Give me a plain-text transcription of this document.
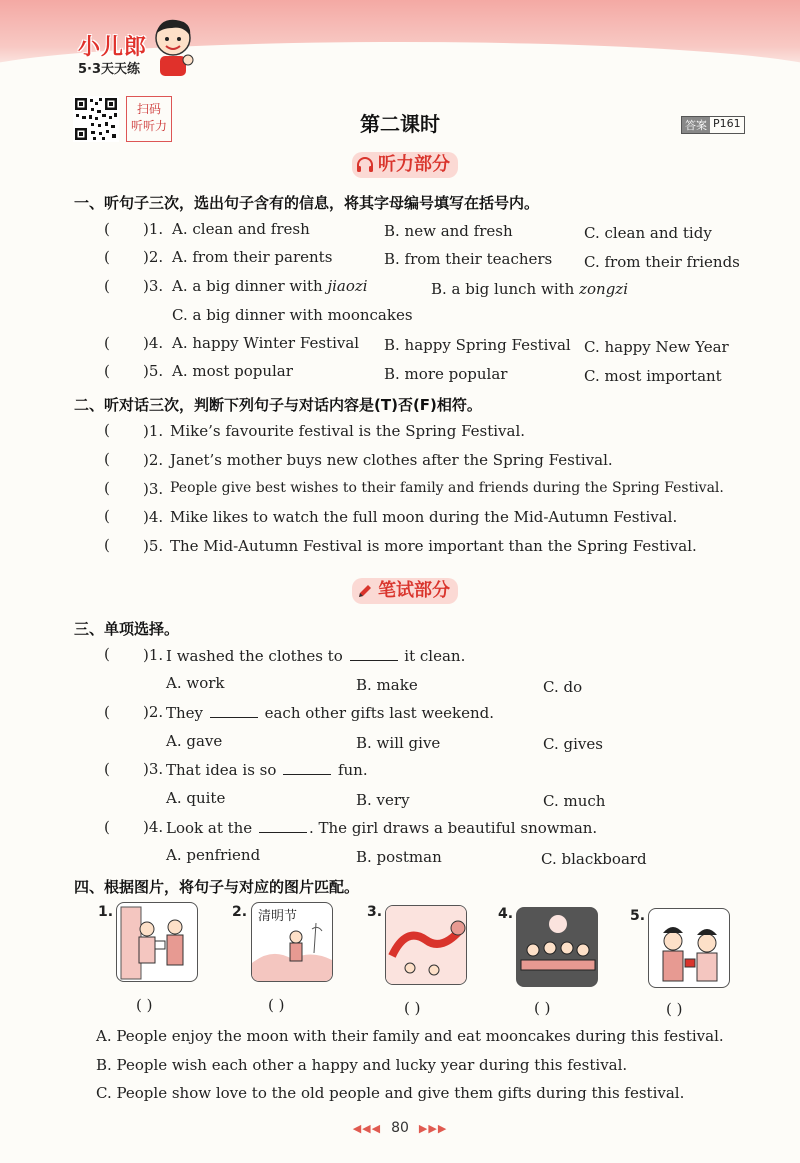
小儿郎
5·3天天练
扫码
听听力	第二课时	答案 P161
听力部分
一、听句子三次，选出句子含有的信息，将其字母编号填写在括号内。
( )1. A. clean and fresh	B. new and fresh	C. clean and tidy
( )2. A. from their parents	B. from their teachers C. from their friends
( )3. A. a big dinner with jiaozi	B. a big lunch with zongzi
C. a big dinner with mooncakes
( )4. A. happy Winter Festival B. happy Spring Festival C. happy New Year
( )5. A. most popular	B. more popular	C. most important
二、听对话三次，判断下列句子与对话内容是(T)否(F)相符。
( )1. Mike’s favourite festival is the Spring Festival.
( )2. Janet’s mother buys new clothes after the Spring Festival.
( )3. People give best wishes to their family and friends during the Spring Festival.
( )4. Mike likes to watch the full moon during the Mid-Autumn Festival.
( )5. The Mid-Autumn Festival is more important than the Spring Festival.
笔试部分
三、单项选择。
( )1. I washed the clothes to	it clean.
A. work	B. make	C. do
( )2. They	each other gifts last weekend.
A. gave	B. will give	C. gives
( )3. That idea is so	fun.
A. quite	B. very	C. much
( )4. Look at the	. The girl draws a beautiful snowman.
A. penfriend	B. postman	C. blackboard
四、根据图片，将句子与对应的图片匹配。
1.
( )
2. 清明节
( )
3.
( )
4.
( )
5.
( )
A. People enjoy the moon with their family and eat mooncakes during this festival.
B. People wish each other a happy and lucky year during this festival.
C. People show love to the old people and give them gifts during this festival.
◀◀◀ 80 ▶▶▶
